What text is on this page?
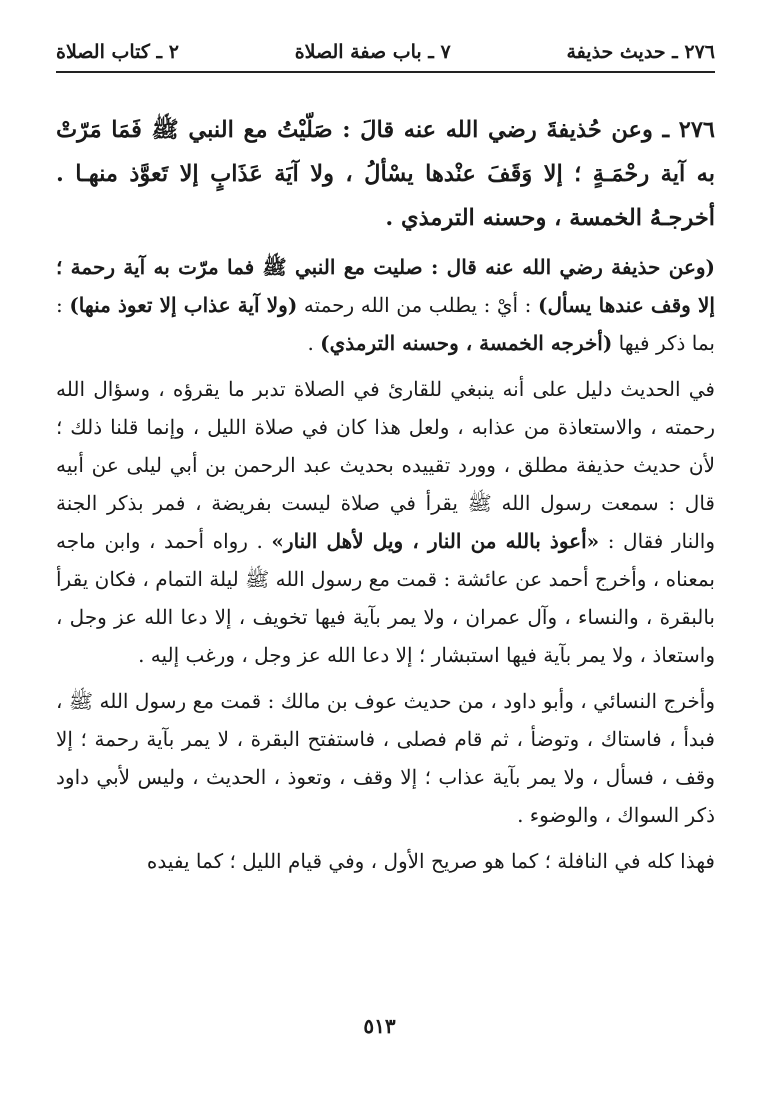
٢ ـ كتاب الصلاة	٧ ـ باب صفة الصلاة	٢٧٦ ـ حديث حذيفة

٢٧٦ ـ وعن حُذيفةَ رضي الله عنه قالَ : صَلّيْتُ مع النبي ﷺ فَمَا مَرّتْ به آية رحْمَـةٍ ؛ إلا وَقَفَ عنْدها يسْألُ ، ولا آيَة عَذَابٍ إلا تَعوَّذ منهـا . أخرجـهُ الخمسة ، وحسنه الترمذي .

(وعن حذيفة رضي الله عنه قال : صليت مع النبي ﷺ فما مرّت به آية رحمة ؛ إلا وقف عندها يسأل) : أيْ : يطلب من الله رحمته (ولا آية عذاب إلا تعوذ منها) : بما ذكر فيها (أخرجه الخمسة ، وحسنه الترمذي) .

في الحديث دليل على أنه ينبغي للقارئ في الصلاة تدبر ما يقرؤه ، وسؤال الله رحمته ، والاستعاذة من عذابه ، ولعل هذا كان في صلاة الليل ، وإنما قلنا ذلك ؛ لأن حديث حذيفة مطلق ، وورد تقييده بحديث عبد الرحمن بن أبي ليلى عن أبيه قال : سمعت رسول الله ﷺ يقرأ في صلاة ليست بفريضة ، فمر بذكر الجنة والنار فقال : «أعوذ بالله من النار ، ويل لأهل النار» . رواه أحمد ، وابن ماجه بمعناه ، وأخرج أحمد عن عائشة : قمت مع رسول الله ﷺ ليلة التمام ، فكان يقرأ بالبقرة ، والنساء ، وآل عمران ، ولا يمر بآية فيها تخويف ، إلا دعا الله عز وجل ، واستعاذ ، ولا يمر بآية فيها استبشار ؛ إلا دعا الله عز وجل ، ورغب إليه .

وأخرج النسائي ، وأبو داود ، من حديث عوف بن مالك : قمت مع رسول الله ﷺ ، فبدأ ، فاستاك ، وتوضأ ، ثم قام فصلى ، فاستفتح البقرة ، لا يمر بآية رحمة ؛ إلا وقف ، فسأل ، ولا يمر بآية عذاب ؛ إلا وقف ، وتعوذ ، الحديث ، وليس لأبي داود ذكر السواك ، والوضوء .

فهذا كله في النافلة ؛ كما هو صريح الأول ، وفي قيام الليل ؛ كما يفيده

٥١٣
